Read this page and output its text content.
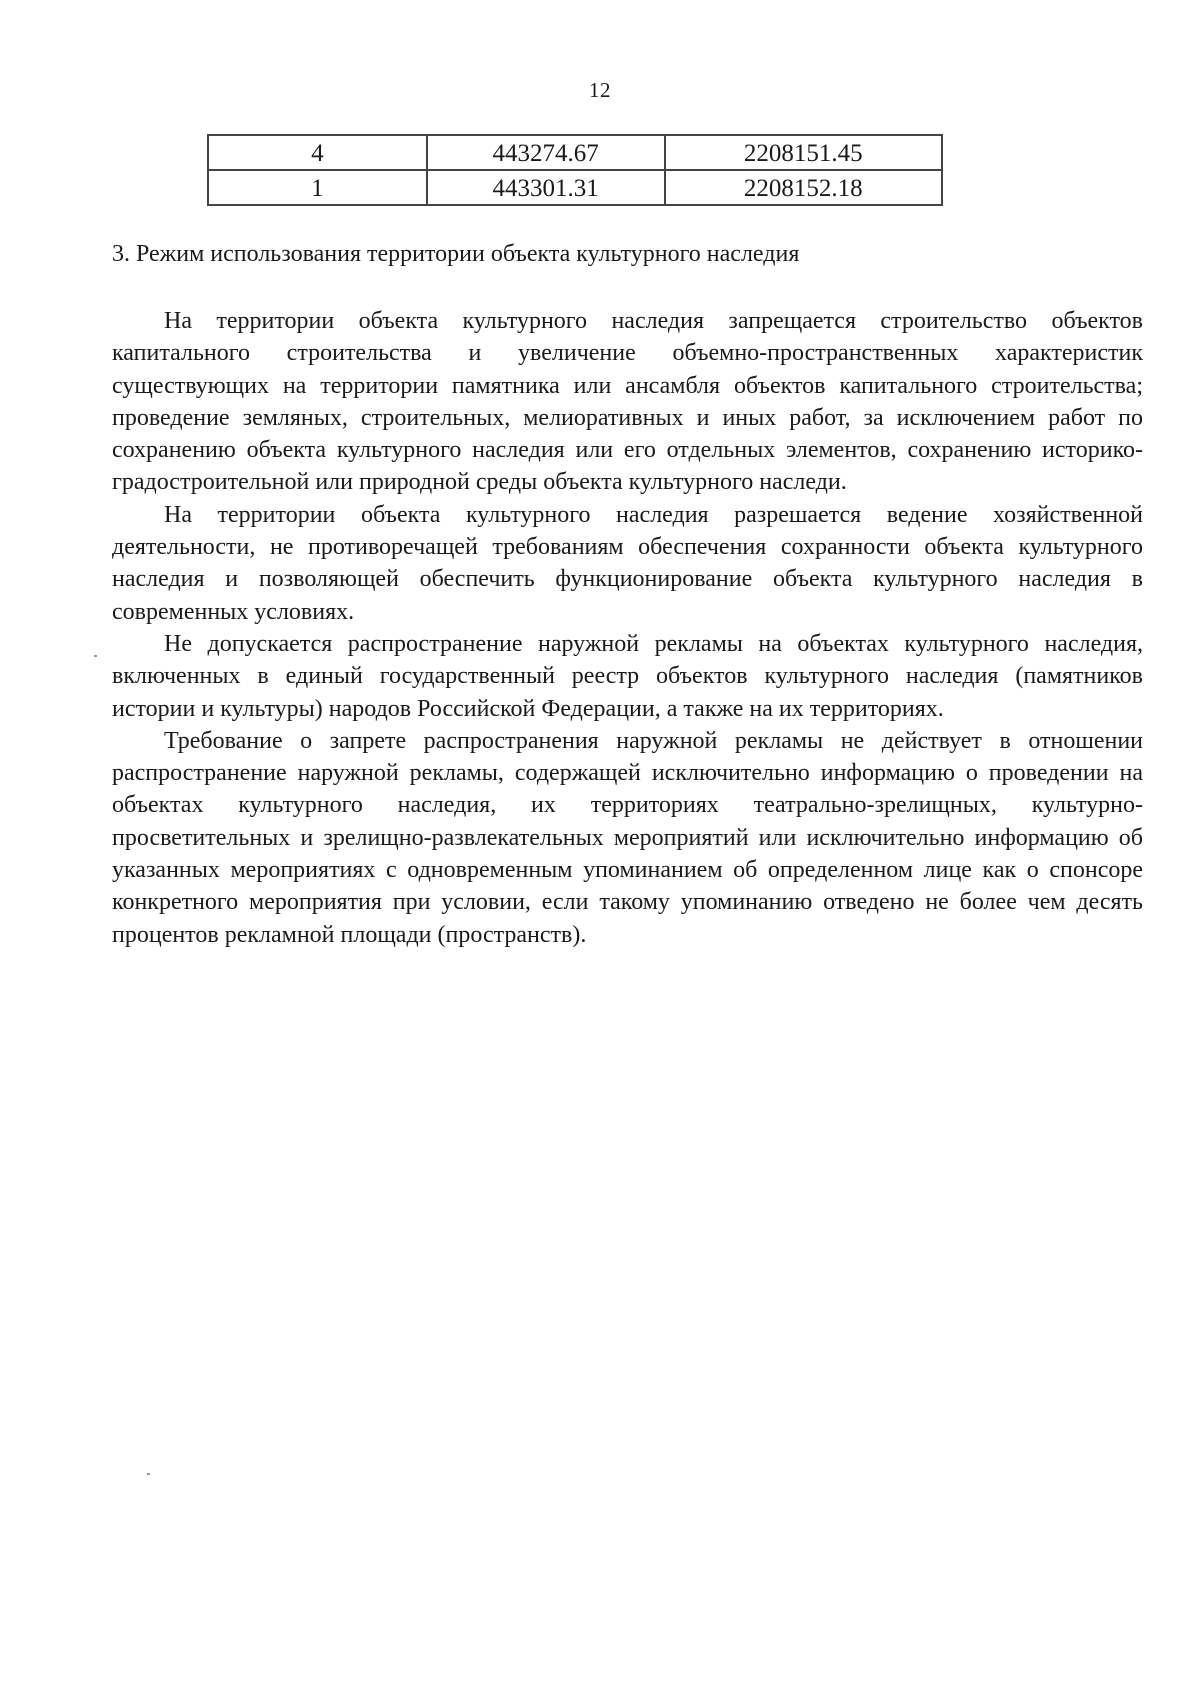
12
4	443274.67	2208151.45
1	443301.31	2208152.18
3. Режим использования территории объекта культурного наследия

На территории объекта культурного наследия запрещается строительство объектов капитального строительства и увеличение объемно-пространственных характеристик существующих на территории памятника или ансамбля объектов капитального строительства; проведение земляных, строительных, мелиоративных и иных работ, за исключением работ по сохранению объекта культурного наследия или его отдельных элементов, сохранению историко-градостроительной или природной среды объекта культурного наследи.

На территории объекта культурного наследия разрешается ведение хозяйственной деятельности, не противоречащей требованиям обеспечения сохранности объекта культурного наследия и позволяющей обеспечить функционирование объекта культурного наследия в современных условиях.

Не допускается распространение наружной рекламы на объектах культурного наследия, включенных в единый государственный реестр объектов культурного наследия (памятников истории и культуры) народов Российской Федерации, а также на их территориях.

Требование о запрете распространения наружной рекламы не действует в отношении распространение наружной рекламы, содержащей исключительно информацию о проведении на объектах культурного наследия, их территориях театрально-зрелищных, культурно-просветительных и зрелищно-развлекательных мероприятий или исключительно информацию об указанных мероприятиях с одновременным упоминанием об определенном лице как о спонсоре конкретного мероприятия при условии, если такому упоминанию отведено не более чем десять процентов рекламной площади (пространств).
